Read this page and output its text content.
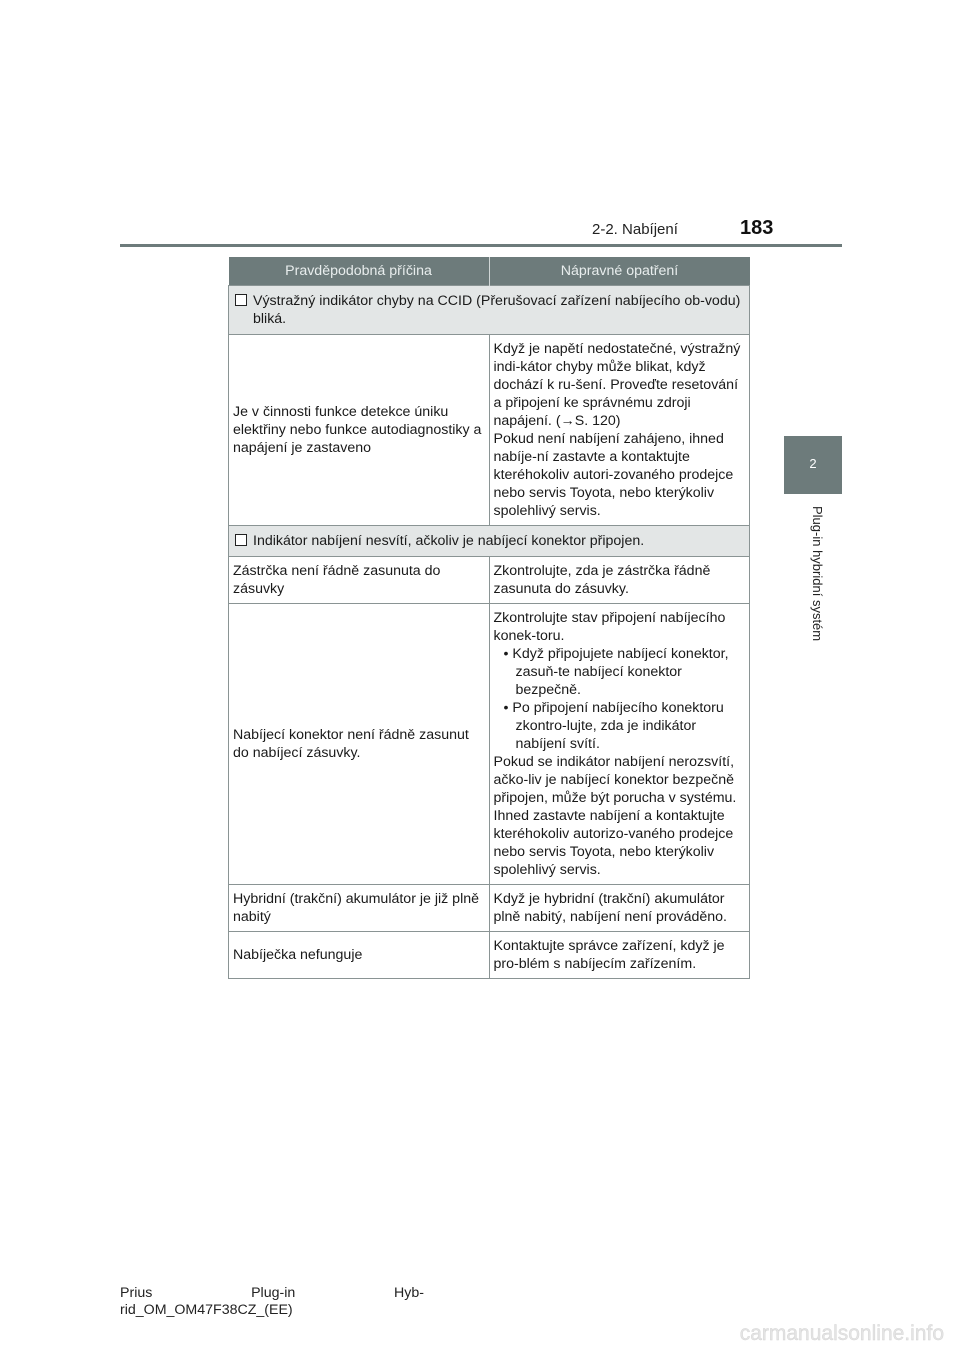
2-2. Nabíjení	183
2
Plug-in hybridní systém
Pravděpodobná příčina	Nápravné opatření

Výstražný indikátor chyby na CCID (Přerušovací zařízení nabíjecího ob-vodu) bliká.	

Je v činnosti funkce detekce úniku elektřiny nebo funkce autodiagnostiky a napájení je zastaveno	Když je napětí nedostatečné, výstražný indi-kátor chyby může blikat, když dochází k ru-šení. Proveďte resetování a připojení ke správnému zdroji napájení. (→S. 120)
Pokud není nabíjení zahájeno, ihned nabíje-ní zastavte a kontaktujte kteréhokoliv autori-zovaného prodejce nebo servis Toyota, nebo kterýkoliv spolehlivý servis.

Indikátor nabíjení nesvítí, ačkoliv je nabíjecí konektor připojen.	

Zástrčka není řádně zasunuta do zásuvky	Zkontrolujte, zda je zástrčka řádně zasunuta do zásuvky.
Nabíjecí konektor není řádně zasunut do nabíjecí zásuvky.	Zkontrolujte stav připojení nabíjecího konek-toru.
• Když připojujete nabíjecí konektor, zasuň-te nabíjecí konektor bezpečně.
• Po připojení nabíjecího konektoru zkontro-lujte, zda je indikátor nabíjení svítí.
Pokud se indikátor nabíjení nerozsvítí, ačko-liv je nabíjecí konektor bezpečně připojen, může být porucha v systému. Ihned zastavte nabíjení a kontaktujte kteréhokoliv autorizo-vaného prodejce nebo servis Toyota, nebo kterýkoliv spolehlivý servis.

Hybridní (trakční) akumulátor je již plně nabitý	Když je hybridní (trakční) akumulátor plně nabitý, nabíjení není prováděno.
Nabíječka nefunguje	Kontaktujte správce zařízení, když je pro-blém s nabíjecím zařízením.
Prius	Plug-in	Hyb-
rid_OM_OM47F38CZ_(EE)
carmanualsonline.info
